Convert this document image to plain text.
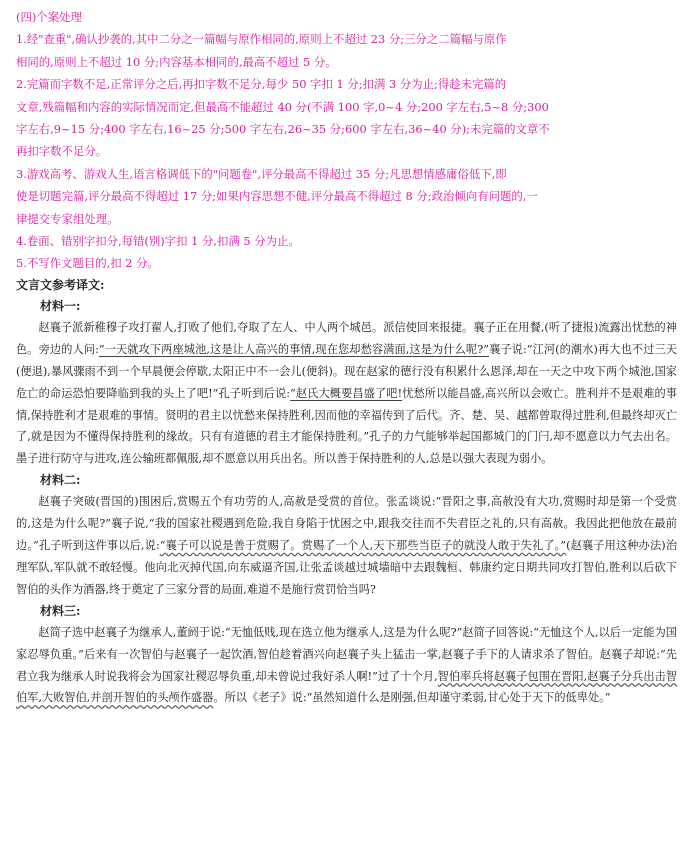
(四)个案处理
1.经"查重",确认抄袭的,其中二分之一篇幅与原作相同的,原则上不超过 23 分;三分之二篇幅与原作
相同的,原则上不超过 10 分;内容基本相同的,最高不超过 5 分。
2.完篇而字数不足,正常评分之后,再扣字数不足分,每少 50 字扣 1 分;扣满 3 分为止;得趁未完篇的
文章,残篇幅和内容的实际情况而定,但最高不能超过 40 分(不满 100 字,0~4 分;200 字左右,5~8 分;300
字左右,9~15 分;400 字左右,16~25 分;500 字左右,26~35 分;600 字左右,36~40 分);未完篇的文章不
再扣字数不足分。
3.游戏高考、游戏人生,语言格调低下的"问题卷",评分最高不得超过 35 分;凡思想情感庸俗低下,即
使是切题完篇,评分最高不得超过 17 分;如果内容思想不健,评分最高不得超过 8 分;政治倾向有问题的,一
律提交专家组处理。
4.卷面、错别字扣分,每错(别)字扣 1 分,扣满 5 分为止。
5.不写作文题目的,扣 2 分。
文言文参考译文:
材料一:

赵襄子派新稚穆子攻打翟人,打败了他们,夺取了左人、中人两个城邑。派信使回来报捷。襄子正在用餐,(听了捷报)流露出忧愁的神色。旁边的人问:“一天就攻下两座城池,这是让人高兴的事情,现在您却愁容满面,这是为什么呢?”襄子说:“江河(的潮水)再大也不过三天(便退),暴风骤雨不到一个早晨便会停歇,太阳正中不一会儿(便斜)。现在赵家的德行没有积累什么恩泽,却在一天之中攻下两个城池,国家危亡的命运恐怕要降临到我的头上了吧!”孔子听到后说:“赵氏大概要昌盛了吧!忧愁所以能昌盛,高兴所以会败亡。胜利并不是艰难的事情,保持胜利才是艰难的事情。贤明的君主以忧愁来保持胜利,因而他的幸福传到了后代。齐、楚、吴、越都曾取得过胜利,但最终却灭亡了,就是因为不懂得保持胜利的缘故。只有有道德的君主才能保持胜利。”孔子的力气能够举起国都城门的门闩,却不愿意以力气去出名。墨子进行防守与进攻,连公输班都佩服,却不愿意以用兵出名。所以善于保持胜利的人,总是以强大表现为弱小。

材料二:

赵襄子突破(晋国的)围困后,赏赐五个有功劳的人,高赦是受赏的首位。张孟谈说:“晋阳之事,高赦没有大功,赏赐时却是第一个受赏的,这是为什么呢?”襄子说,“我的国家社稷遇到危险,我自身陷于忧困之中,跟我交往而不失君臣之礼的,只有高赦。我因此把他放在最前边。”孔子听到这件事以后,说:“襄子可以说是善于赏赐了。赏赐了一个人,天下那些当臣子的就没人敢于失礼了。”(赵襄子用这种办法)治理军队,军队就不敢轻慢。他向北灭掉代国,向东威逼齐国,让张孟谈越过城墙暗中去跟魏桓、韩康约定日期共同攻打智伯,胜利以后砍下智伯的头作为酒器,终于奠定了三家分晋的局面,难道不是施行赏罚恰当吗?

材料三:

赵简子选中赵襄子为继承人,董阏于说:“无恤低贱,现在选立他为继承人,这是为什么呢?”赵简子回答说:“无恤这个人,以后一定能为国家忍辱负重。”后来有一次智伯与赵襄子一起饮酒,智伯趁着酒兴向赵襄子头上猛击一掌,赵襄子手下的人请求杀了智伯。赵襄子却说:“先君立我为继承人时说我将会为国家社稷忍辱负重,却未曾说过我好杀人啊!”过了十个月,智伯率兵将赵襄子包围在晋阳,赵襄子分兵出击智伯军,大败智伯,并剖开智伯的头颅作盛器。所以《老子》说:“虽然知道什么是刚强,但却谨守柔弱,甘心处于天下的低卑处。”
